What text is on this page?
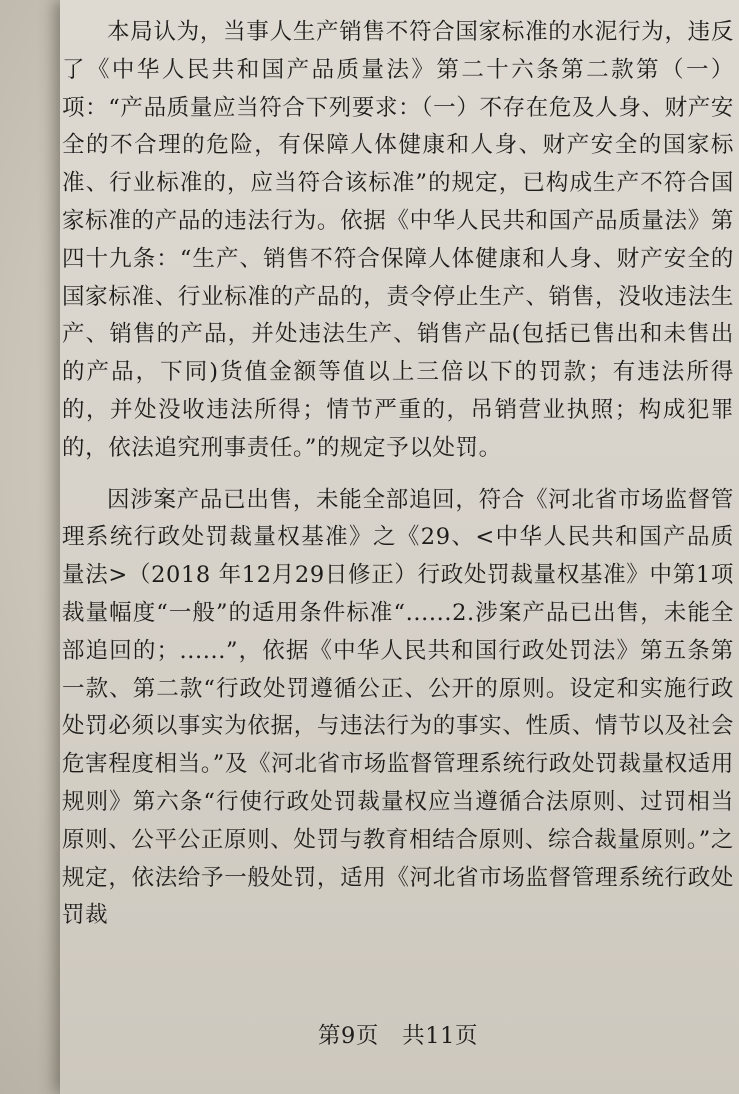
本局认为，当事人生产销售不符合国家标准的水泥行为，违反了《中华人民共和国产品质量法》第二十六条第二款第（一）项：“产品质量应当符合下列要求：（一）不存在危及人身、财产安全的不合理的危险，有保障人体健康和人身、财产安全的国家标准、行业标准的，应当符合该标准”的规定，已构成生产不符合国家标准的产品的违法行为。依据《中华人民共和国产品质量法》第四十九条：“生产、销售不符合保障人体健康和人身、财产安全的国家标准、行业标准的产品的，责令停止生产、销售，没收违法生产、销售的产品，并处违法生产、销售产品(包括已售出和未售出的产品，下同)货值金额等值以上三倍以下的罚款；有违法所得的，并处没收违法所得；情节严重的，吊销营业执照；构成犯罪的，依法追究刑事责任。”的规定予以处罚。

因涉案产品已出售，未能全部追回，符合《河北省市场监督管理系统行政处罚裁量权基准》之《29、<中华人民共和国产品质量法>（2018 年12月29日修正）行政处罚裁量权基准》中第1项裁量幅度“一般”的适用条件标准“......2.涉案产品已出售，未能全部追回的；......”，依据《中华人民共和国行政处罚法》第五条第一款、第二款“行政处罚遵循公正、公开的原则。设定和实施行政处罚必须以事实为依据，与违法行为的事实、性质、情节以及社会危害程度相当。”及《河北省市场监督管理系统行政处罚裁量权适用规则》第六条“行使行政处罚裁量权应当遵循合法原则、过罚相当原则、公平公正原则、处罚与教育相结合原则、综合裁量原则。”之规定，依法给予一般处罚，适用《河北省市场监督管理系统行政处罚裁

第9页　共11页
